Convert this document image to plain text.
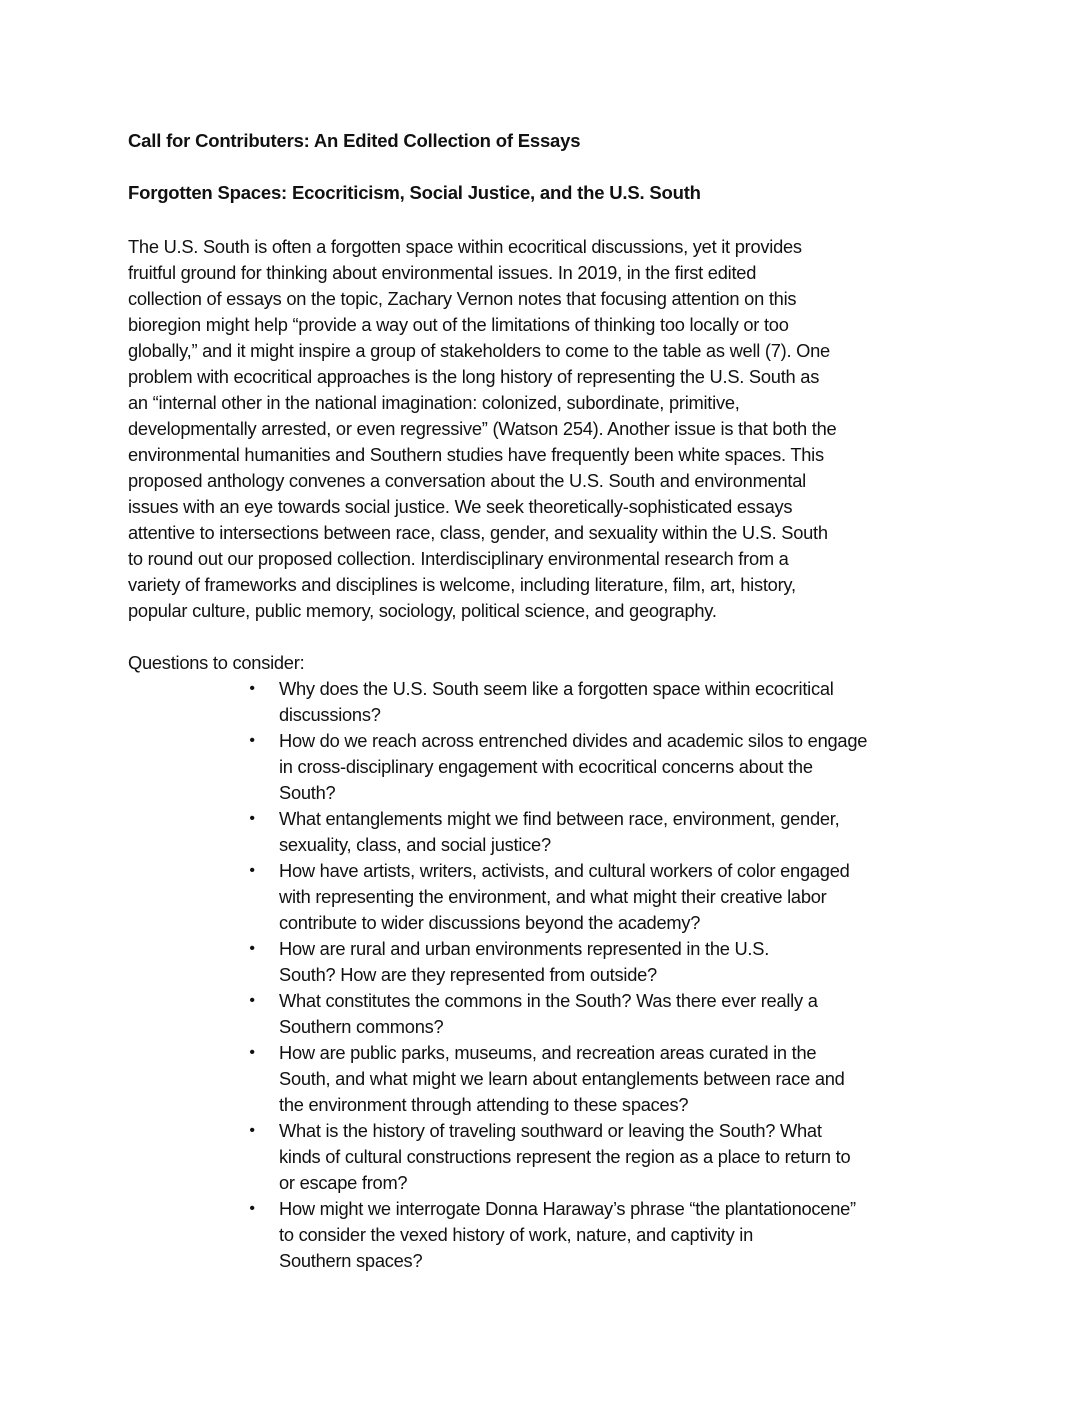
Call for Contributers: An Edited Collection of Essays
Forgotten Spaces: Ecocriticism, Social Justice, and the U.S. South
The U.S. South is often a forgotten space within ecocritical discussions, yet it provides
fruitful ground for thinking about environmental issues. In 2019, in the first edited
collection of essays on the topic, Zachary Vernon notes that focusing attention on this
bioregion might help “provide a way out of the limitations of thinking too locally or too
globally,” and it might inspire a group of stakeholders to come to the table as well (7). One
problem with ecocritical approaches is the long history of representing the U.S. South as
an “internal other in the national imagination: colonized, subordinate, primitive,
developmentally arrested, or even regressive” (Watson 254). Another issue is that both the
environmental humanities and Southern studies have frequently been white spaces. This
proposed anthology convenes a conversation about the U.S. South and environmental
issues with an eye towards social justice. We seek theoretically-sophisticated essays
attentive to intersections between race, class, gender, and sexuality within the U.S. South
to round out our proposed collection. Interdisciplinary environmental research from a
variety of frameworks and disciplines is welcome, including literature, film, art, history,
popular culture, public memory, sociology, political science, and geography.
Questions to consider:
• Why does the U.S. South seem like a forgotten space within ecocritical
discussions?
• How do we reach across entrenched divides and academic silos to engage
in cross-disciplinary engagement with ecocritical concerns about the
South?
• What entanglements might we find between race, environment, gender,
sexuality, class, and social justice?
• How have artists, writers, activists, and cultural workers of color engaged
with representing the environment, and what might their creative labor
contribute to wider discussions beyond the academy?
• How are rural and urban environments represented in the U.S.
South? How are they represented from outside?
• What constitutes the commons in the South? Was there ever really a
Southern commons?
• How are public parks, museums, and recreation areas curated in the
South, and what might we learn about entanglements between race and
the environment through attending to these spaces?
• What is the history of traveling southward or leaving the South? What
kinds of cultural constructions represent the region as a place to return to
or escape from?
• How might we interrogate Donna Haraway’s phrase “the plantationocene”
to consider the vexed history of work, nature, and captivity in
Southern spaces?
